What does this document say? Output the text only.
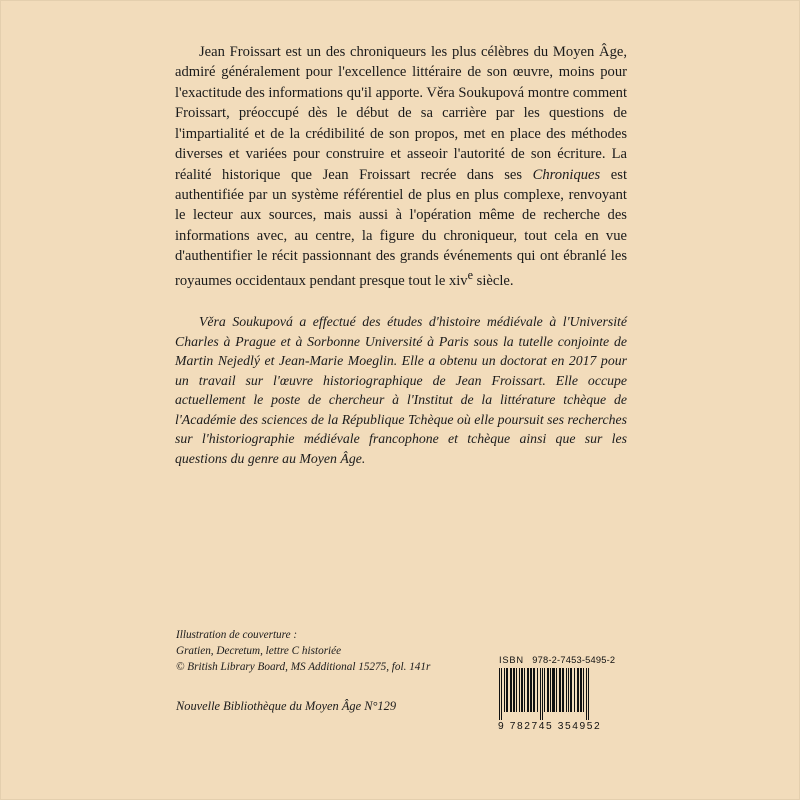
Jean Froissart est un des chroniqueurs les plus célèbres du Moyen Âge, admiré généralement pour l'excellence littéraire de son œuvre, moins pour l'exactitude des informations qu'il apporte. Věra Soukupová montre comment Froissart, préoccupé dès le début de sa carrière par les questions de l'impartialité et de la crédibilité de son propos, met en place des méthodes diverses et variées pour construire et asseoir l'autorité de son écriture. La réalité historique que Jean Froissart recrée dans ses Chroniques est authentifiée par un système référentiel de plus en plus complexe, renvoyant le lecteur aux sources, mais aussi à l'opération même de recherche des informations avec, au centre, la figure du chroniqueur, tout cela en vue d'authentifier le récit passionnant des grands événements qui ont ébranlé les royaumes occidentaux pendant presque tout le xiv$^e$ siècle.
Věra Soukupová a effectué des études d'histoire médiévale à l'Université Charles à Prague et à Sorbonne Université à Paris sous la tutelle conjointe de Martin Nejedlý et Jean-Marie Moeglin. Elle a obtenu un doctorat en 2017 pour un travail sur l'œuvre historiographique de Jean Froissart. Elle occupe actuellement le poste de chercheur à l'Institut de la littérature tchèque de l'Académie des sciences de la République Tchèque où elle poursuit ses recherches sur l'historiographie médiévale francophone et tchèque ainsi que sur les questions du genre au Moyen Âge.
Illustration de couverture :
Gratien, Decretum, lettre C historiée
© British Library Board, MS Additional 15275, fol. 141r
Nouvelle Bibliothèque du Moyen Âge N°129
ISBN 978-2-7453-5495-2
9 782745 354952
